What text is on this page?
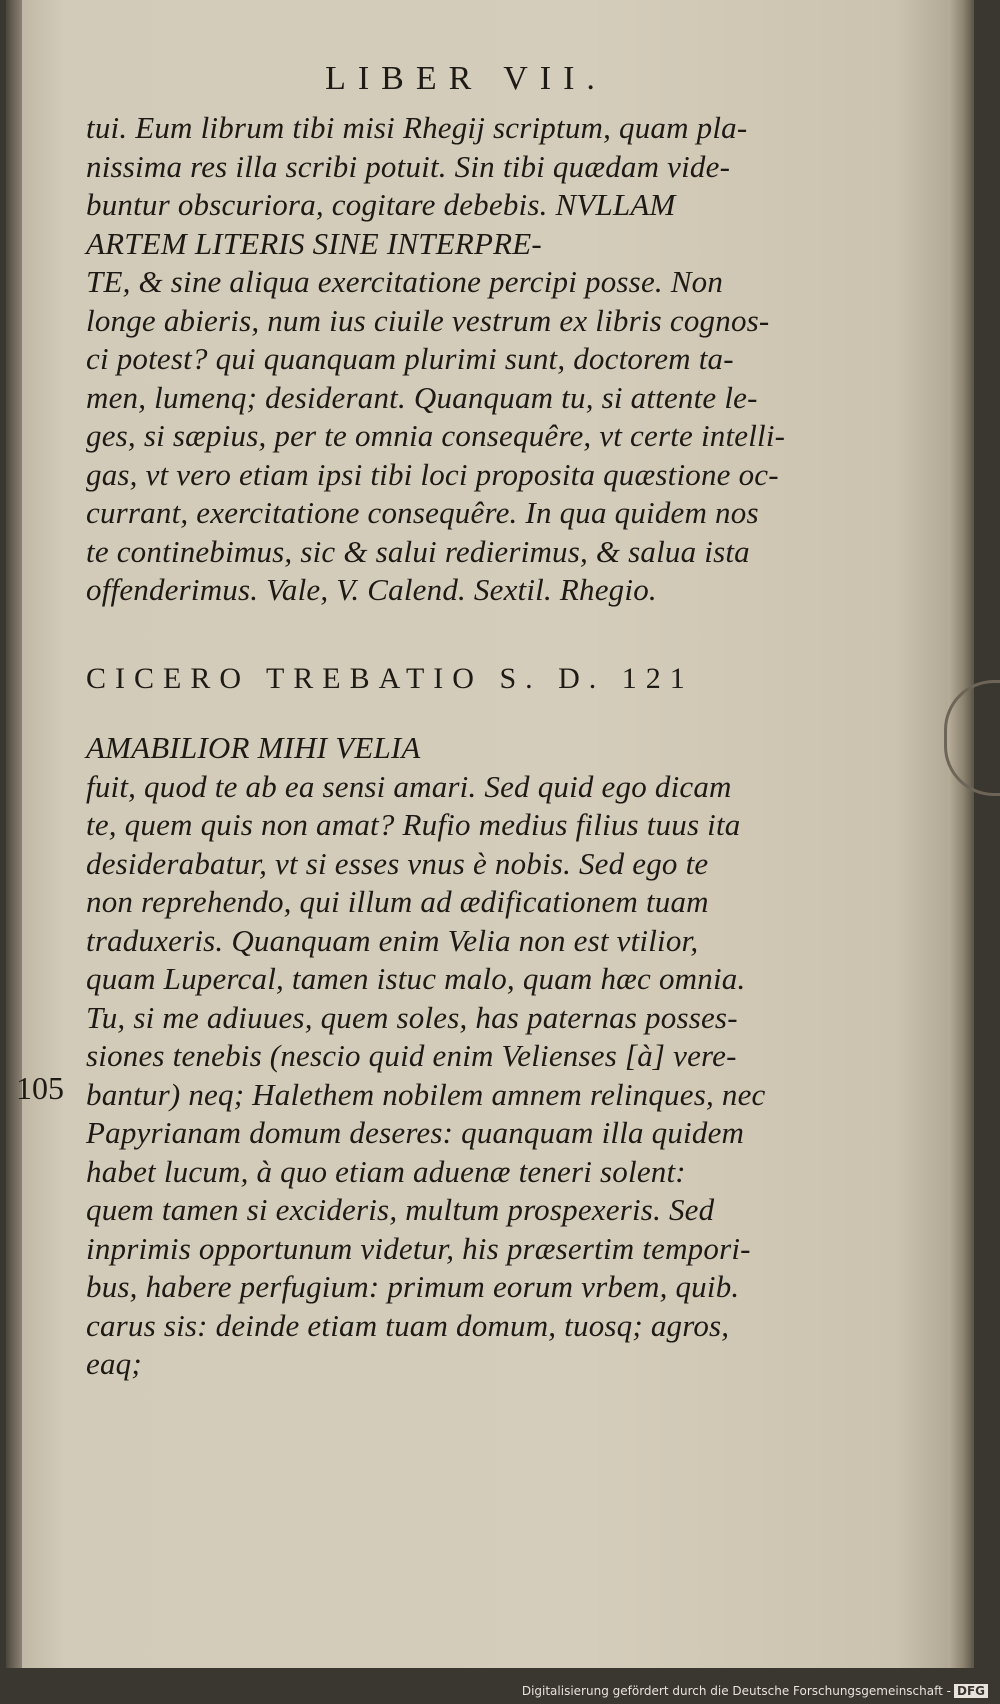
LIBER VII.
tui. Eum librum tibi misi Rhegij scriptum, quam pla-
nissima res illa scribi potuit. Sin tibi quædam vide-
buntur obscuriora, cogitare debebis. NVLLAM
ARTEM LITERIS SINE INTERPRE-
TE, & sine aliqua exercitatione percipi posse. Non
longe abieris, num ius ciuile vestrum ex libris cognos-
ci potest? qui quanquam plurimi sunt, doctorem ta-
men, lumenq; desiderant. Quanquam tu, si attente le-
ges, si sæpius, per te omnia consequêre, vt certe intelli-
gas, vt vero etiam ipsi tibi loci proposita quæstione oc-
currant, exercitatione consequêre. In qua quidem nos
te continebimus, sic & salui redierimus, & salua ista
offenderimus. Vale, V. Calend. Sextil. Rhegio.
CICERO TREBATIO S. D. 121
AMABILIOR MIHI VELIA
fuit, quod te ab ea sensi amari. Sed quid ego dicam
te, quem quis non amat? Rufio medius filius tuus ita
desiderabatur, vt si esses vnus è nobis. Sed ego te
non reprehendo, qui illum ad ædificationem tuam
traduxeris. Quanquam enim Velia non est vtilior,
quam Lupercal, tamen istuc malo, quam hæc omnia.
Tu, si me adiuues, quem soles, has paternas posses-
siones tenebis (nescio quid enim Velienses [à] vere-
bantur) neq; Halethem nobilem amnem relinques, nec
Papyrianam domum deseres: quanquam illa quidem
habet lucum, à quo etiam aduenæ teneri solent:
quem tamen si excideris, multum prospexeris. Sed
inprimis opportunum videtur, his præsertim tempori-
bus, habere perfugium: primum eorum vrbem, quib.
carus sis: deinde etiam tuam domum, tuosq; agros,
eaq;
105
Digitalisierung gefördert durch die Deutsche Forschungsgemeinschaft - DFG
